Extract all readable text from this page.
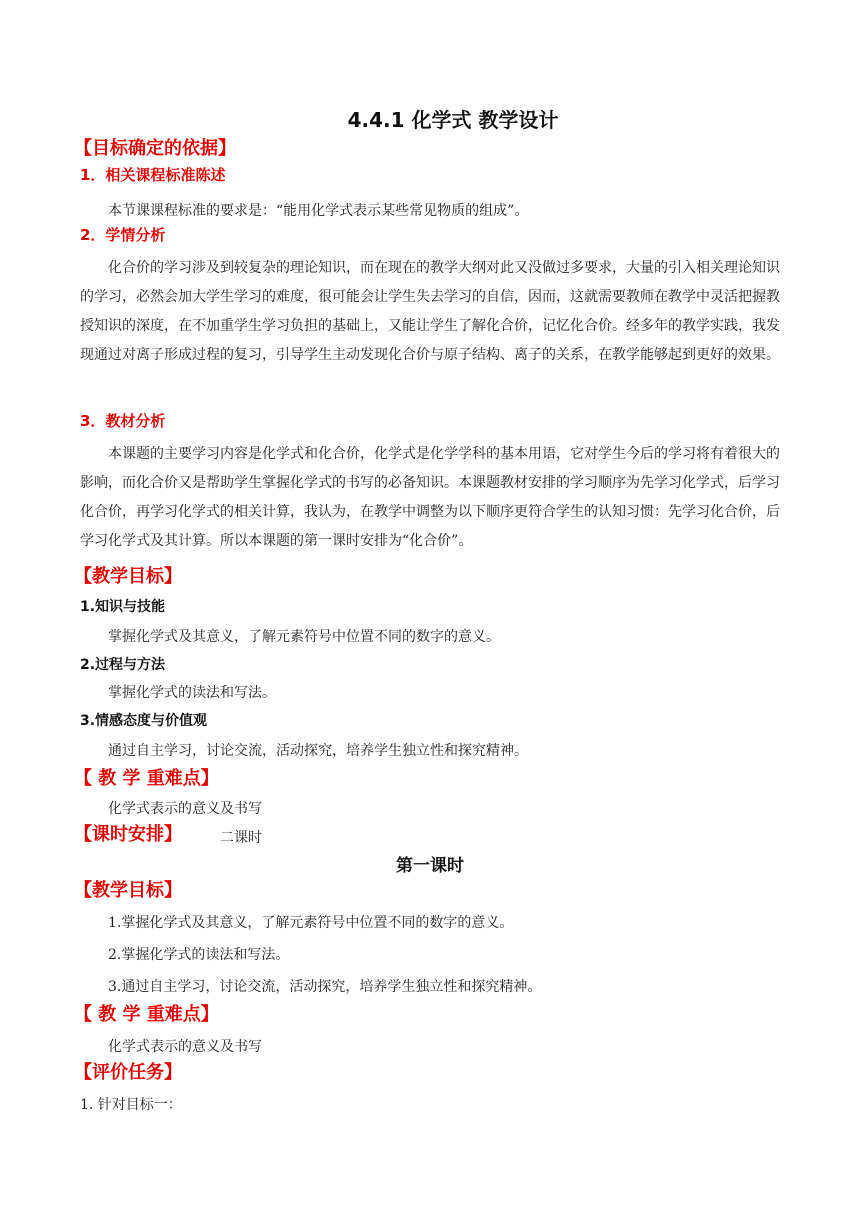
4.4.1 化学式 教学设计
【目标确定的依据】
1．相关课程标准陈述
本节课课程标准的要求是：“能用化学式表示某些常见物质的组成”。
2．学情分析

化合价的学习涉及到较复杂的理论知识，而在现在的教学大纲对此又没做过多要求，大量的引入相关理论知识的学习，必然会加大学生学习的难度，很可能会让学生失去学习的自信，因而，这就需要教师在教学中灵活把握教授知识的深度，在不加重学生学习负担的基础上，又能让学生了解化合价，记忆化合价。经多年的教学实践，我发现通过对离子形成过程的复习，引导学生主动发现化合价与原子结构、离子的关系，在教学能够起到更好的效果。

3．教材分析

本课题的主要学习内容是化学式和化合价，化学式是化学学科的基本用语，它对学生今后的学习将有着很大的影响，而化合价又是帮助学生掌握化学式的书写的必备知识。本课题教材安排的学习顺序为先学习化学式，后学习化合价，再学习化学式的相关计算，我认为，在教学中调整为以下顺序更符合学生的认知习惯：先学习化合价，后学习化学式及其计算。所以本课题的第一课时安排为“化合价”。

【教学目标】
1.知识与技能
掌握化学式及其意义，了解元素符号中位置不同的数字的意义。
2.过程与方法
掌握化学式的读法和写法。
3.情感态度与价值观
通过自主学习，讨论交流，活动探究，培养学生独立性和探究精神。
【 教 学 重难点】
化学式表示的意义及书写
【课时安排】	二课时
第一课时
【教学目标】
1.掌握化学式及其意义，了解元素符号中位置不同的数字的意义。
2.掌握化学式的读法和写法。
3.通过自主学习，讨论交流，活动探究，培养学生独立性和探究精神。
【 教 学 重难点】
化学式表示的意义及书写
【评价任务】
1. 针对目标一：
